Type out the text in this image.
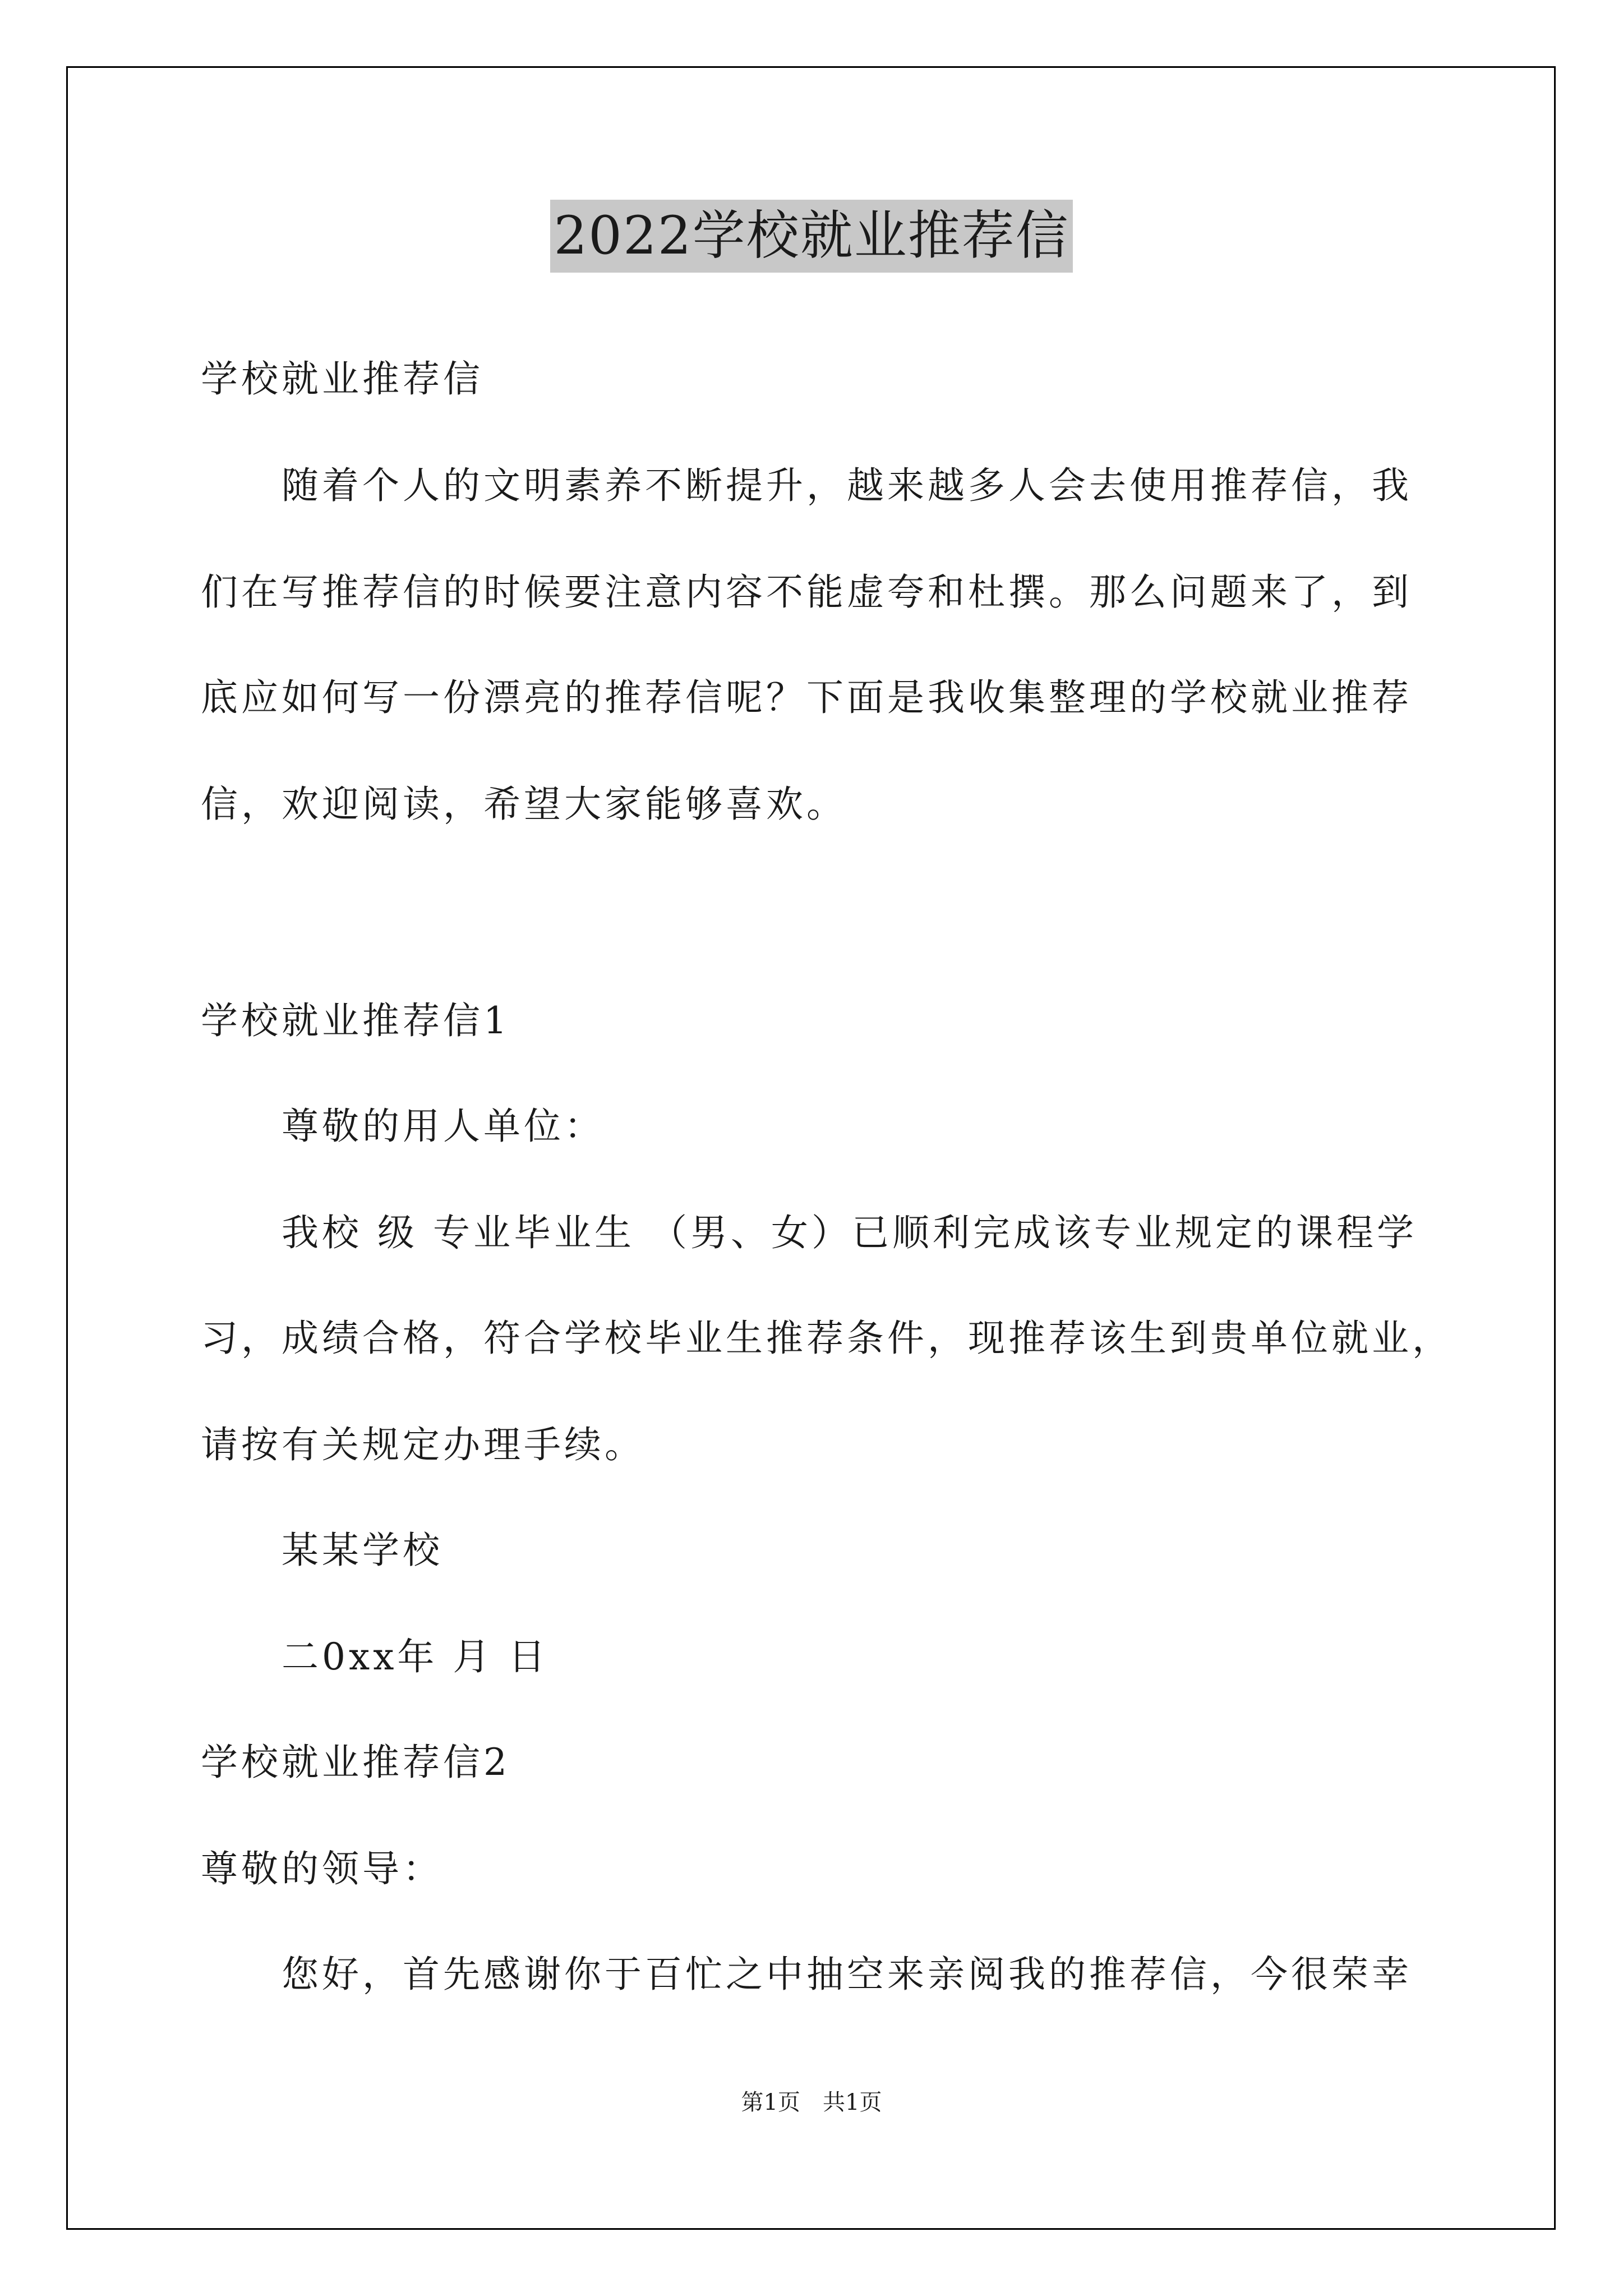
2022学校就业推荐信
学校就业推荐信
随着个人的文明素养不断提升，越来越多人会去使用推荐信，我
们在写推荐信的时候要注意内容不能虚夸和杜撰。那么问题来了，到
底应如何写一份漂亮的推荐信呢？下面是我收集整理的学校就业推荐
信，欢迎阅读，希望大家能够喜欢。
学校就业推荐信1
尊敬的用人单位：
我校 级 专业毕业生 （男、女）已顺利完成该专业规定的课程学
习，成绩合格，符合学校毕业生推荐条件，现推荐该生到贵单位就业，
请按有关规定办理手续。
某某学校
二0xx年 月 日
学校就业推荐信2
尊敬的领导：
您好，首先感谢你于百忙之中抽空来亲阅我的推荐信，今很荣幸
第1页 共1页
